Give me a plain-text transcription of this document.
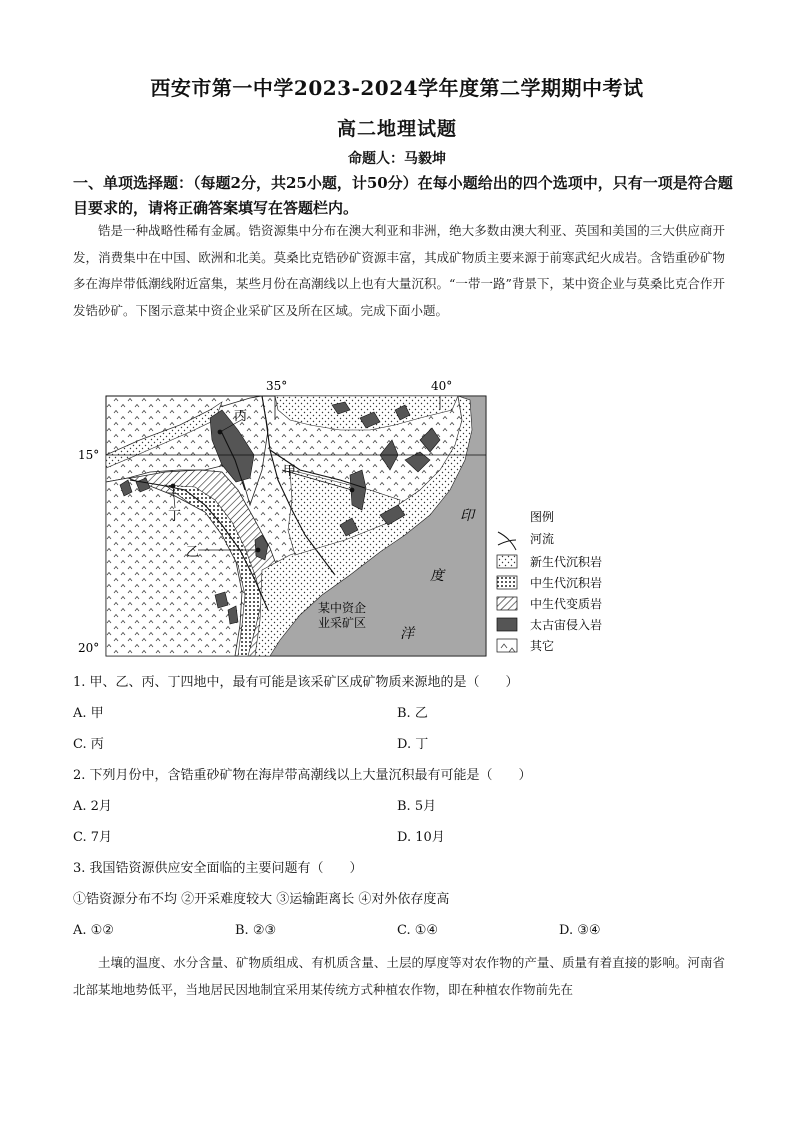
西安市第一中学2023-2024学年度第二学期期中考试
高二地理试题
命题人：马毅坤
一、单项选择题：（每题2分，共25小题，计50分）在每小题给出的四个选项中，只有一项是符合题目要求的，请将正确答案填写在答题栏内。
锆是一种战略性稀有金属。锆资源集中分布在澳大利亚和非洲，绝大多数由澳大利亚、英国和美国的三大供应商开发，消费集中在中国、欧洲和北美。莫桑比克锆砂矿资源丰富，其成矿物质主要来源于前寒武纪火成岩。含锆重砂矿物多在海岸带低潮线附近富集，某些月份在高潮线以上也有大量沉积。“一带一路”背景下，某中资企业与莫桑比克合作开发锆砂矿。下图示意某中资企业采矿区及所在区域。完成下面小题。
35°	40°
15°
20°
丙
甲
丁
乙
印
度
洋
某中资企
业采矿区
图例
河流
新生代沉积岩
中生代沉积岩
中生代变质岩
太古宙侵入岩
其它
1. 甲、乙、丙、丁四地中，最有可能是该采矿区成矿物质来源地的是（　　）
A. 甲	B. 乙
C. 丙	D. 丁
2. 下列月份中，含锆重砂矿物在海岸带高潮线以上大量沉积最有可能是（　　）
A. 2月	B. 5月
C. 7月	D. 10月
3. 我国锆资源供应安全面临的主要问题有（　　）
①锆资源分布不均 ②开采难度较大 ③运输距离长 ④对外依存度高
A. ①②	B. ②③	C. ①④	D. ③④
土壤的温度、水分含量、矿物质组成、有机质含量、土层的厚度等对农作物的产量、质量有着直接的影响。河南省北部某地地势低平，当地居民因地制宜采用某传统方式种植农作物，即在种植农作物前先在
